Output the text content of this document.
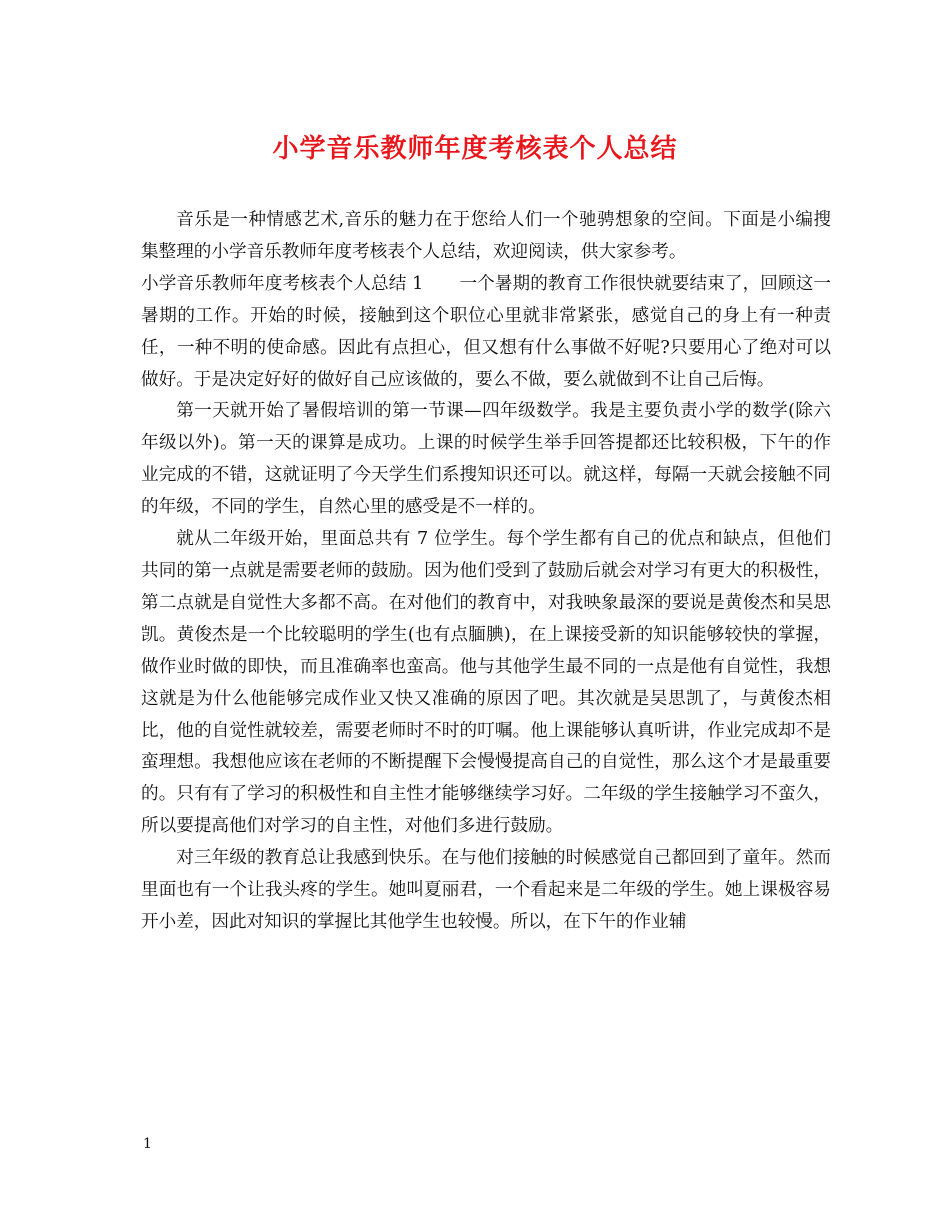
小学音乐教师年度考核表个人总结

音乐是一种情感艺术,音乐的魅力在于您给人们一个驰骋想象的空间。下面是小编搜集整理的小学音乐教师年度考核表个人总结，欢迎阅读，供大家参考。

小学音乐教师年度考核表个人总结 1 一个暑期的教育工作很快就要结束了，回顾这一暑期的工作。开始的时候，接触到这个职位心里就非常紧张，感觉自己的身上有一种责任，一种不明的使命感。因此有点担心，但又想有什么事做不好呢?只要用心了绝对可以做好。于是决定好好的做好自己应该做的，要么不做，要么就做到不让自己后悔。

第一天就开始了暑假培训的第一节课—四年级数学。我是主要负责小学的数学(除六年级以外)。第一天的课算是成功。上课的时候学生举手回答提都还比较积极，下午的作业完成的不错，这就证明了今天学生们系搜知识还可以。就这样，每隔一天就会接触不同的年级，不同的学生，自然心里的感受是不一样的。

就从二年级开始，里面总共有 7 位学生。每个学生都有自己的优点和缺点，但他们共同的第一点就是需要老师的鼓励。因为他们受到了鼓励后就会对学习有更大的积极性，第二点就是自觉性大多都不高。在对他们的教育中，对我映象最深的要说是黄俊杰和吴思凯。黄俊杰是一个比较聪明的学生(也有点腼腆)，在上课接受新的知识能够较快的掌握，做作业时做的即快，而且准确率也蛮高。他与其他学生最不同的一点是他有自觉性，我想这就是为什么他能够完成作业又快又准确的原因了吧。其次就是吴思凯了，与黄俊杰相比，他的自觉性就较差，需要老师时不时的叮嘱。他上课能够认真听讲，作业完成却不是蛮理想。我想他应该在老师的不断提醒下会慢慢提高自己的自觉性，那么这个才是最重要的。只有有了学习的积极性和自主性才能够继续学习好。二年级的学生接触学习不蛮久，所以要提高他们对学习的自主性，对他们多进行鼓励。

对三年级的教育总让我感到快乐。在与他们接触的时候感觉自己都回到了童年。然而里面也有一个让我头疼的学生。她叫夏丽君，一个看起来是二年级的学生。她上课极容易开小差，因此对知识的掌握比其他学生也较慢。所以，在下午的作业辅

1
